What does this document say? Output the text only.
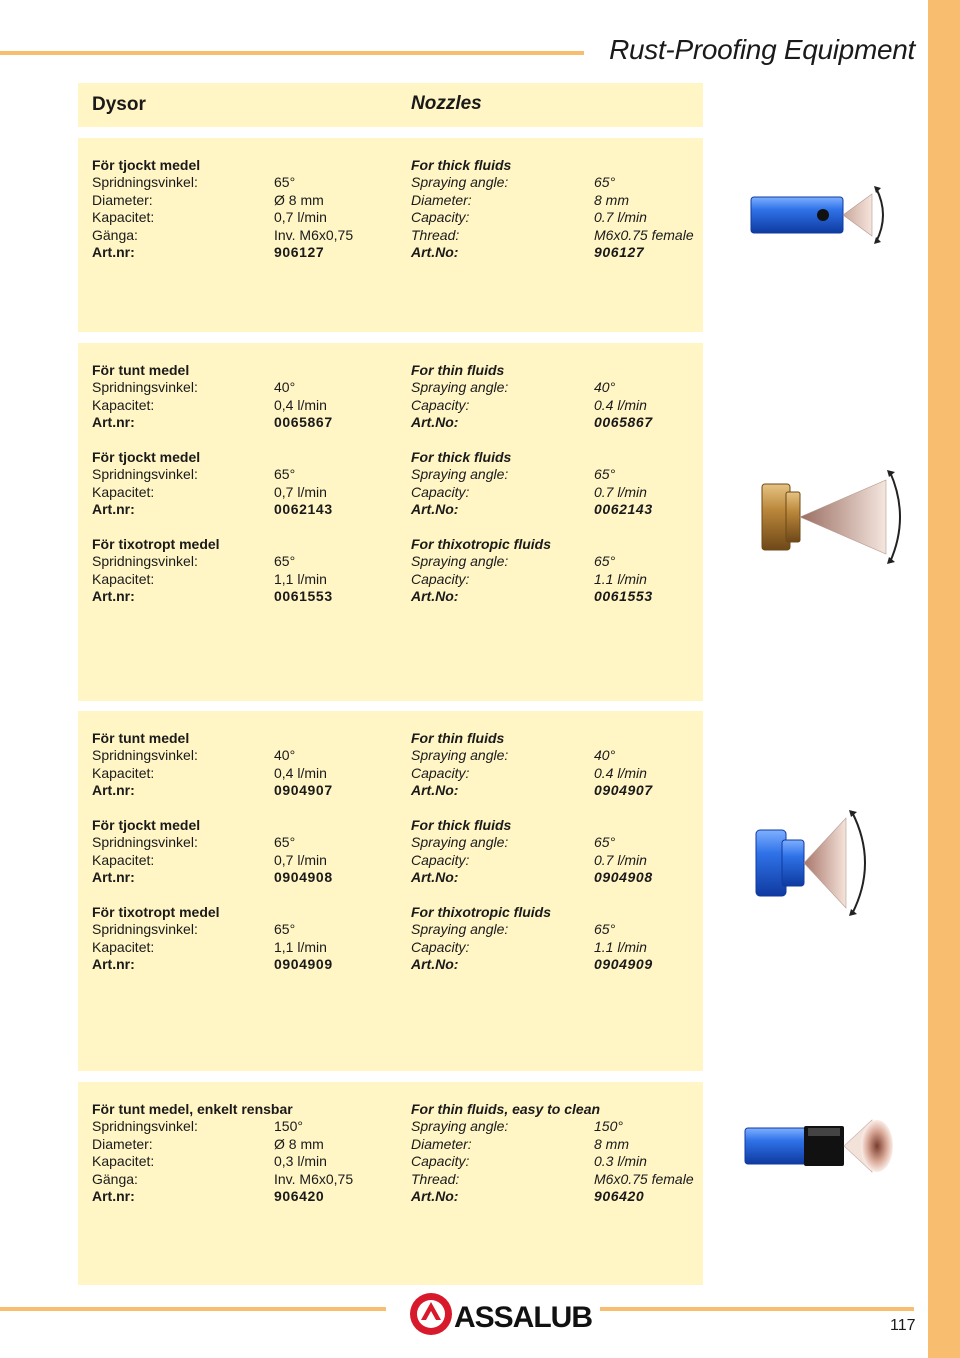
Rust-Proofing Equipment
Dysor	Nozzles
För tjockt medel	For thick fluids
Spridningsvinkel:	65°	Spraying angle:	65°
Diameter:	Ø 8 mm	Diameter:	8 mm
Kapacitet:	0,7 l/min	Capacity:	0.7 l/min
Gänga:	Inv. M6x0,75	Thread:	M6x0.75 female
Art.nr:	906127	Art.No:	906127
För tunt medel	For thin fluids
Spridningsvinkel:	40°	Spraying angle:	40°
Kapacitet:	0,4 l/min	Capacity:	0.4 l/min
Art.nr:	0065867	Art.No:	0065867
För tjockt medel	For thick fluids
Spridningsvinkel:	65°	Spraying angle:	65°
Kapacitet:	0,7 l/min	Capacity:	0.7 l/min
Art.nr:	0062143	Art.No:	0062143
För tixotropt medel	For thixotropic fluids
Spridningsvinkel:	65°	Spraying angle:	65°
Kapacitet:	1,1 l/min	Capacity:	1.1 l/min
Art.nr:	0061553	Art.No:	0061553
För tunt medel	For thin fluids
Spridningsvinkel:	40°	Spraying angle:	40°
Kapacitet:	0,4 l/min	Capacity:	0.4 l/min
Art.nr:	0904907	Art.No:	0904907
För tjockt medel	For thick fluids
Spridningsvinkel:	65°	Spraying angle:	65°
Kapacitet:	0,7 l/min	Capacity:	0.7 l/min
Art.nr:	0904908	Art.No:	0904908
För tixotropt medel	For thixotropic fluids
Spridningsvinkel:	65°	Spraying angle:	65°
Kapacitet:	1,1 l/min	Capacity:	1.1 l/min
Art.nr:	0904909	Art.No:	0904909
För tunt medel, enkelt rensbar	For thin fluids, easy to clean
Spridningsvinkel:	150°	Spraying angle:	150°
Diameter:	Ø 8 mm	Diameter:	8 mm
Kapacitet:	0,3 l/min	Capacity:	0.3 l/min
Gänga:	Inv. M6x0,75	Thread:	M6x0.75 female
Art.nr:	906420	Art.No:	906420
ASSALUB	117
